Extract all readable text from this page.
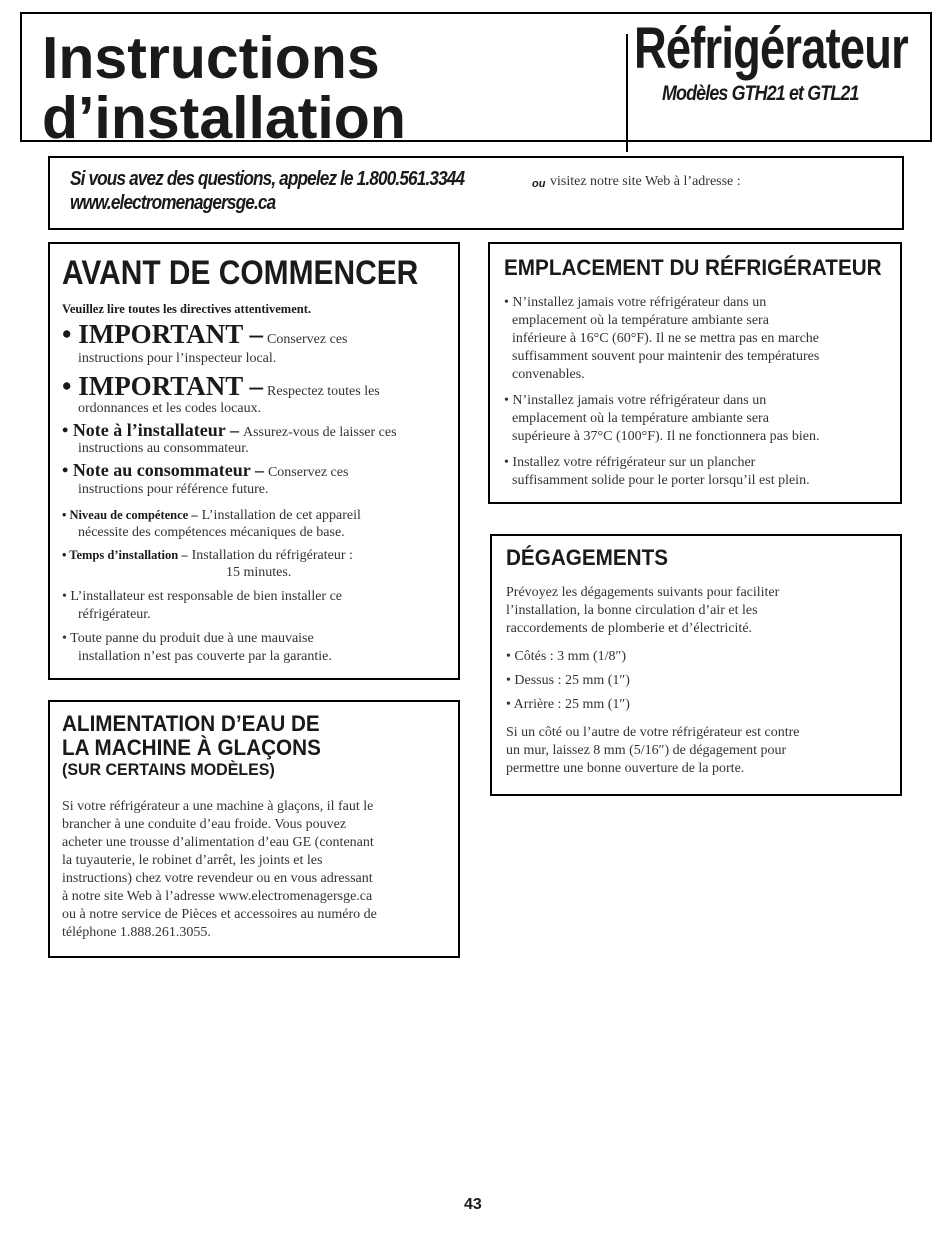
Instructions
d’installation
Réfrigérateur
Modèles GTH21 et GTL21
Si vous avez des questions, appelez le 1.800.561.3344	ou visitez notre site Web à l’adresse :
www.electromenagersge.ca
AVANT DE COMMENCER
Veuillez lire toutes les directives attentivement.
• IMPORTANT – Conservez ces
instructions pour l’inspecteur local.
• IMPORTANT – Respectez toutes les
ordonnances et les codes locaux.
• Note à l’installateur – Assurez-vous de laisser ces
instructions au consommateur.
• Note au consommateur – Conservez ces
instructions pour référence future.
• Niveau de compétence – L’installation de cet appareil
nécessite des compétences mécaniques de base.
• Temps d’installation – Installation du réfrigérateur :
15 minutes.
• L’installateur est responsable de bien installer ce
réfrigérateur.
• Toute panne du produit due à une mauvaise
installation n’est pas couverte par la garantie.
ALIMENTATION D’EAU DE
LA MACHINE À GLAÇONS
(SUR CERTAINS MODÈLES)
Si votre réfrigérateur a une machine à glaçons, il faut le
brancher à une conduite d’eau froide. Vous pouvez
acheter une trousse d’alimentation d’eau GE (contenant
la tuyauterie, le robinet d’arrêt, les joints et les
instructions) chez votre revendeur ou en vous adressant
à notre site Web à l’adresse www.electromenagersge.ca
ou à notre service de Pièces et accessoires au numéro de
téléphone 1.888.261.3055.
EMPLACEMENT DU RÉFRIGÉRATEUR
• N’installez jamais votre réfrigérateur dans un
emplacement où la température ambiante sera
inférieure à 16°C (60°F). Il ne se mettra pas en marche
suffisamment souvent pour maintenir des températures
convenables.
• N’installez jamais votre réfrigérateur dans un
emplacement où la température ambiante sera
supérieure à 37°C (100°F). Il ne fonctionnera pas bien.
• Installez votre réfrigérateur sur un plancher
suffisamment solide pour le porter lorsqu’il est plein.
DÉGAGEMENTS
Prévoyez les dégagements suivants pour faciliter
l’installation, la bonne circulation d’air et les
raccordements de plomberie et d’électricité.
• Côtés : 3 mm (1/8″)
• Dessus : 25 mm (1″)
• Arrière : 25 mm (1″)
Si un côté ou l’autre de votre réfrigérateur est contre
un mur, laissez 8 mm (5/16″) de dégagement pour
permettre une bonne ouverture de la porte.
43
